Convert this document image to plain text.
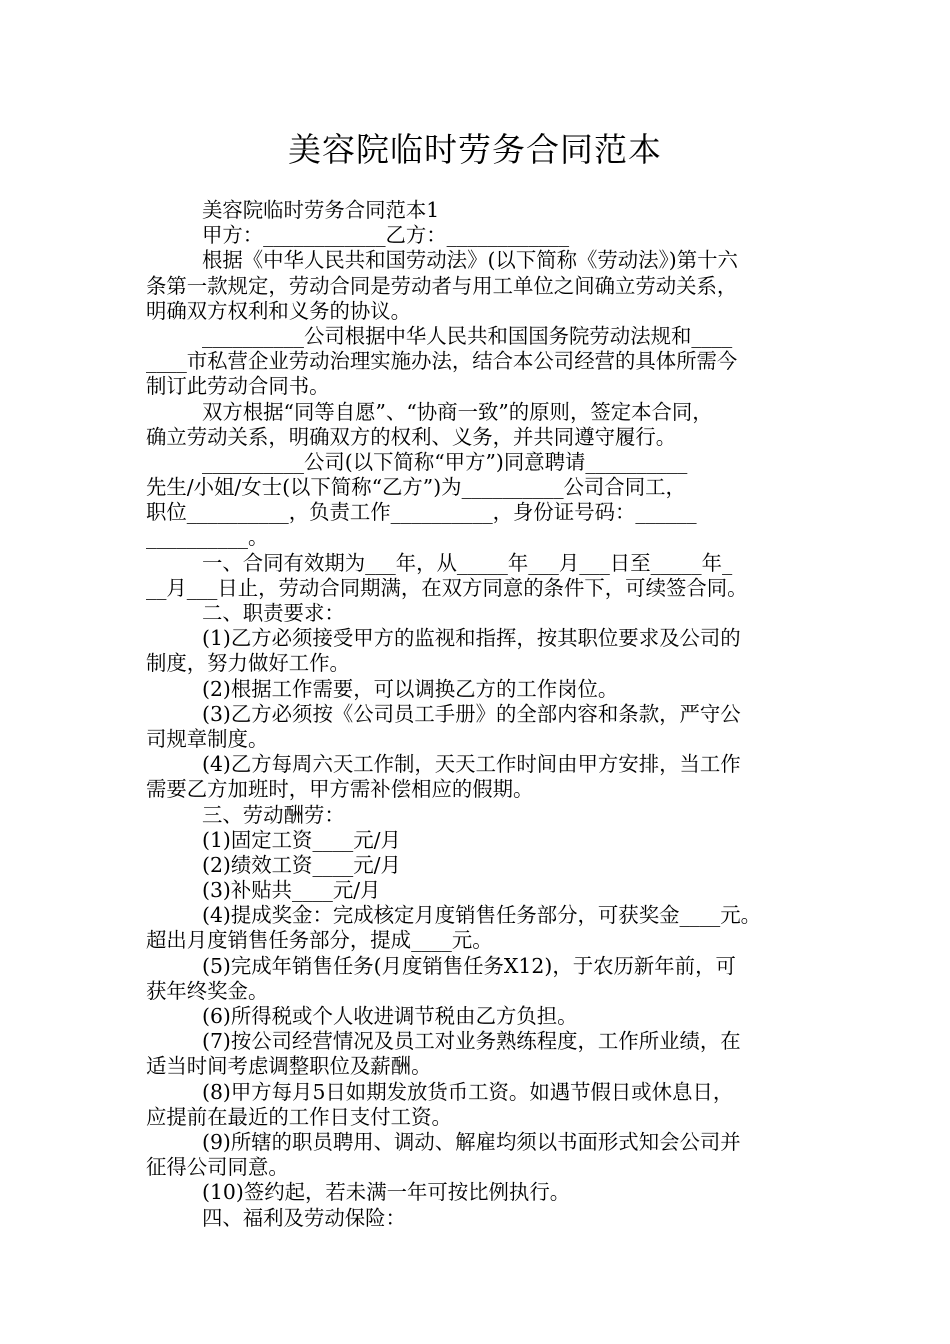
美容院临时劳务合同范本
美容院临时劳务合同范本1
甲方：____________乙方：____________
根据《中华人民共和国劳动法》(以下简称《劳动法》)第十六
条第一款规定，劳动合同是劳动者与用工单位之间确立劳动关系，
明确双方权利和义务的协议。
__________公司根据中华人民共和国国务院劳动法规和____
____市私营企业劳动治理实施办法，结合本公司经营的具体所需今
制订此劳动合同书。
双方根据“同等自愿”、“协商一致”的原则，签定本合同，
确立劳动关系，明确双方的权利、义务，并共同遵守履行。
__________公司(以下简称“甲方”)同意聘请__________
先生/小姐/女士(以下简称“乙方”)为__________公司合同工，
职位__________，负责工作__________，身份证号码：______
__________。
一、合同有效期为___年，从_____年___月___日至_____年_
__月___日止，劳动合同期满，在双方同意的条件下，可续签合同。
二、职责要求：
(1)乙方必须接受甲方的监视和指挥，按其职位要求及公司的
制度，努力做好工作。
(2)根据工作需要，可以调换乙方的工作岗位。
(3)乙方必须按《公司员工手册》的全部内容和条款，严守公
司规章制度。
(4)乙方每周六天工作制，天天工作时间由甲方安排，当工作
需要乙方加班时，甲方需补偿相应的假期。
三、劳动酬劳：
(1)固定工资____元/月
(2)绩效工资____元/月
(3)补贴共____元/月
(4)提成奖金：完成核定月度销售任务部分，可获奖金____元。
超出月度销售任务部分，提成____元。
(5)完成年销售任务(月度销售任务X12)，于农历新年前，可
获年终奖金。
(6)所得税或个人收进调节税由乙方负担。
(7)按公司经营情况及员工对业务熟练程度，工作所业绩，在
适当时间考虑调整职位及薪酬。
(8)甲方每月5日如期发放货币工资。如遇节假日或休息日，
应提前在最近的工作日支付工资。
(9)所辖的职员聘用、调动、解雇均须以书面形式知会公司并
征得公司同意。
(10)签约起，若未满一年可按比例执行。
四、福利及劳动保险：
